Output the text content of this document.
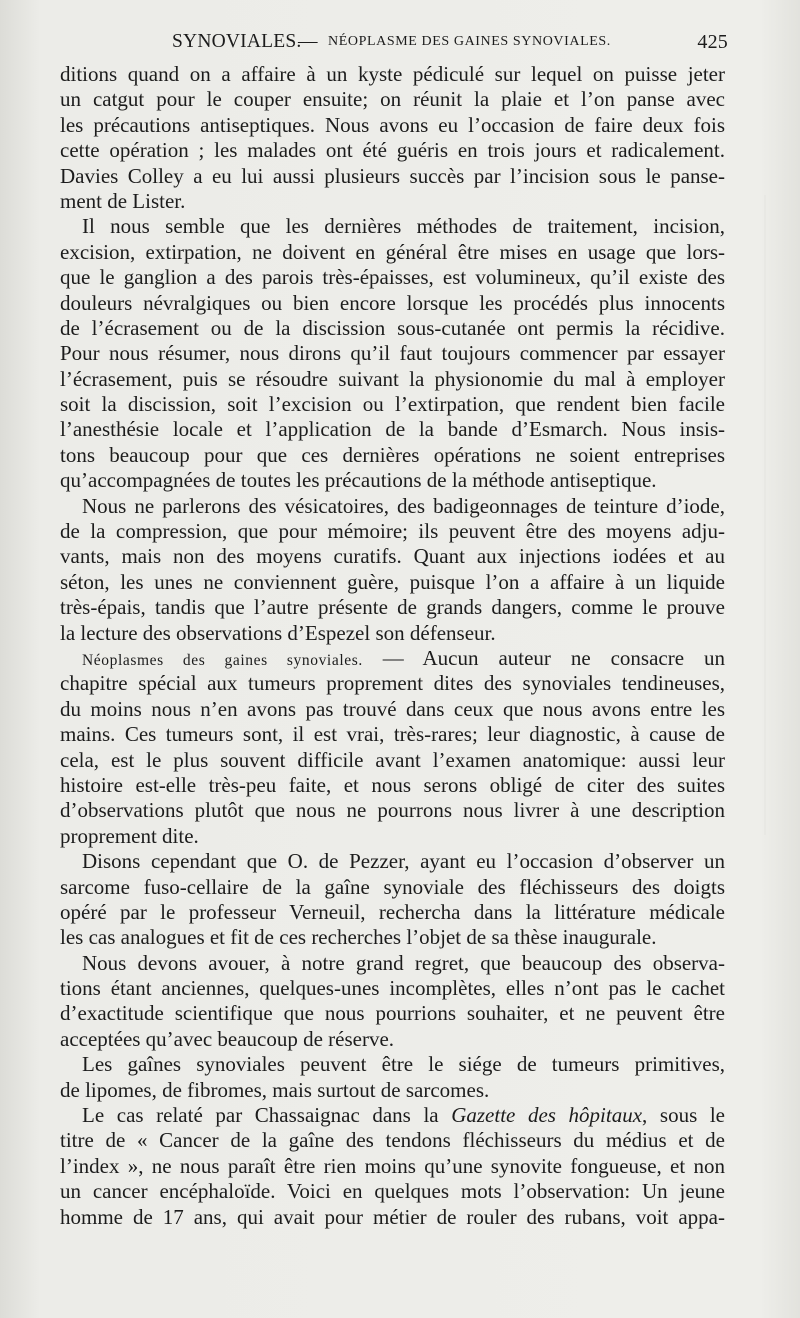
SYNOVIALES.
— NÉOPLASME DES GAINES SYNOVIALES.	425
ditions quand on a affaire à un kyste pédiculé sur lequel on puisse jeter
un catgut pour le couper ensuite; on réunit la plaie et l’on panse avec
les précautions antiseptiques. Nous avons eu l’occasion de faire deux fois
cette opération ; les malades ont été guéris en trois jours et radicalement.
Davies Colley a eu lui aussi plusieurs succès par l’incision sous le panse-
ment de Lister.
Il nous semble que les dernières méthodes de traitement, incision,
excision, extirpation, ne doivent en général être mises en usage que lors-
que le ganglion a des parois très-épaisses, est volumineux, qu’il existe des
douleurs névralgiques ou bien encore lorsque les procédés plus innocents
de l’écrasement ou de la discission sous-cutanée ont permis la récidive.
Pour nous résumer, nous dirons qu’il faut toujours commencer par essayer
l’écrasement, puis se résoudre suivant la physionomie du mal à employer
soit la discission, soit l’excision ou l’extirpation, que rendent bien facile
l’anesthésie locale et l’application de la bande d’Esmarch. Nous insis-
tons beaucoup pour que ces dernières opérations ne soient entreprises
qu’accompagnées de toutes les précautions de la méthode antiseptique.
Nous ne parlerons des vésicatoires, des badigeonnages de teinture d’iode,
de la compression, que pour mémoire; ils peuvent être des moyens adju-
vants, mais non des moyens curatifs. Quant aux injections iodées et au
séton, les unes ne conviennent guère, puisque l’on a affaire à un liquide
très-épais, tandis que l’autre présente de grands dangers, comme le prouve
la lecture des observations d’Espezel son défenseur.
Néoplasmes des gaines synoviales. — Aucun auteur ne consacre un
chapitre spécial aux tumeurs proprement dites des synoviales tendineuses,
du moins nous n’en avons pas trouvé dans ceux que nous avons entre les
mains. Ces tumeurs sont, il est vrai, très-rares; leur diagnostic, à cause de
cela, est le plus souvent difficile avant l’examen anatomique: aussi leur
histoire est-elle très-peu faite, et nous serons obligé de citer des suites
d’observations plutôt que nous ne pourrons nous livrer à une description
proprement dite.
Disons cependant que O. de Pezzer, ayant eu l’occasion d’observer un
sarcome fuso-cellaire de la gaîne synoviale des fléchisseurs des doigts
opéré par le professeur Verneuil, rechercha dans la littérature médicale
les cas analogues et fit de ces recherches l’objet de sa thèse inaugurale.
Nous devons avouer, à notre grand regret, que beaucoup des observa-
tions étant anciennes, quelques-unes incomplètes, elles n’ont pas le cachet
d’exactitude scientifique que nous pourrions souhaiter, et ne peuvent être
acceptées qu’avec beaucoup de réserve.
Les gaînes synoviales peuvent être le siége de tumeurs primitives,
de lipomes, de fibromes, mais surtout de sarcomes.
Le cas relaté par Chassaignac dans la Gazette des hôpitaux, sous le
titre de « Cancer de la gaîne des tendons fléchisseurs du médius et de
l’index », ne nous paraît être rien moins qu’une synovite fongueuse, et non
un cancer encéphaloïde. Voici en quelques mots l’observation: Un jeune
homme de 17 ans, qui avait pour métier de rouler des rubans, voit appa-
